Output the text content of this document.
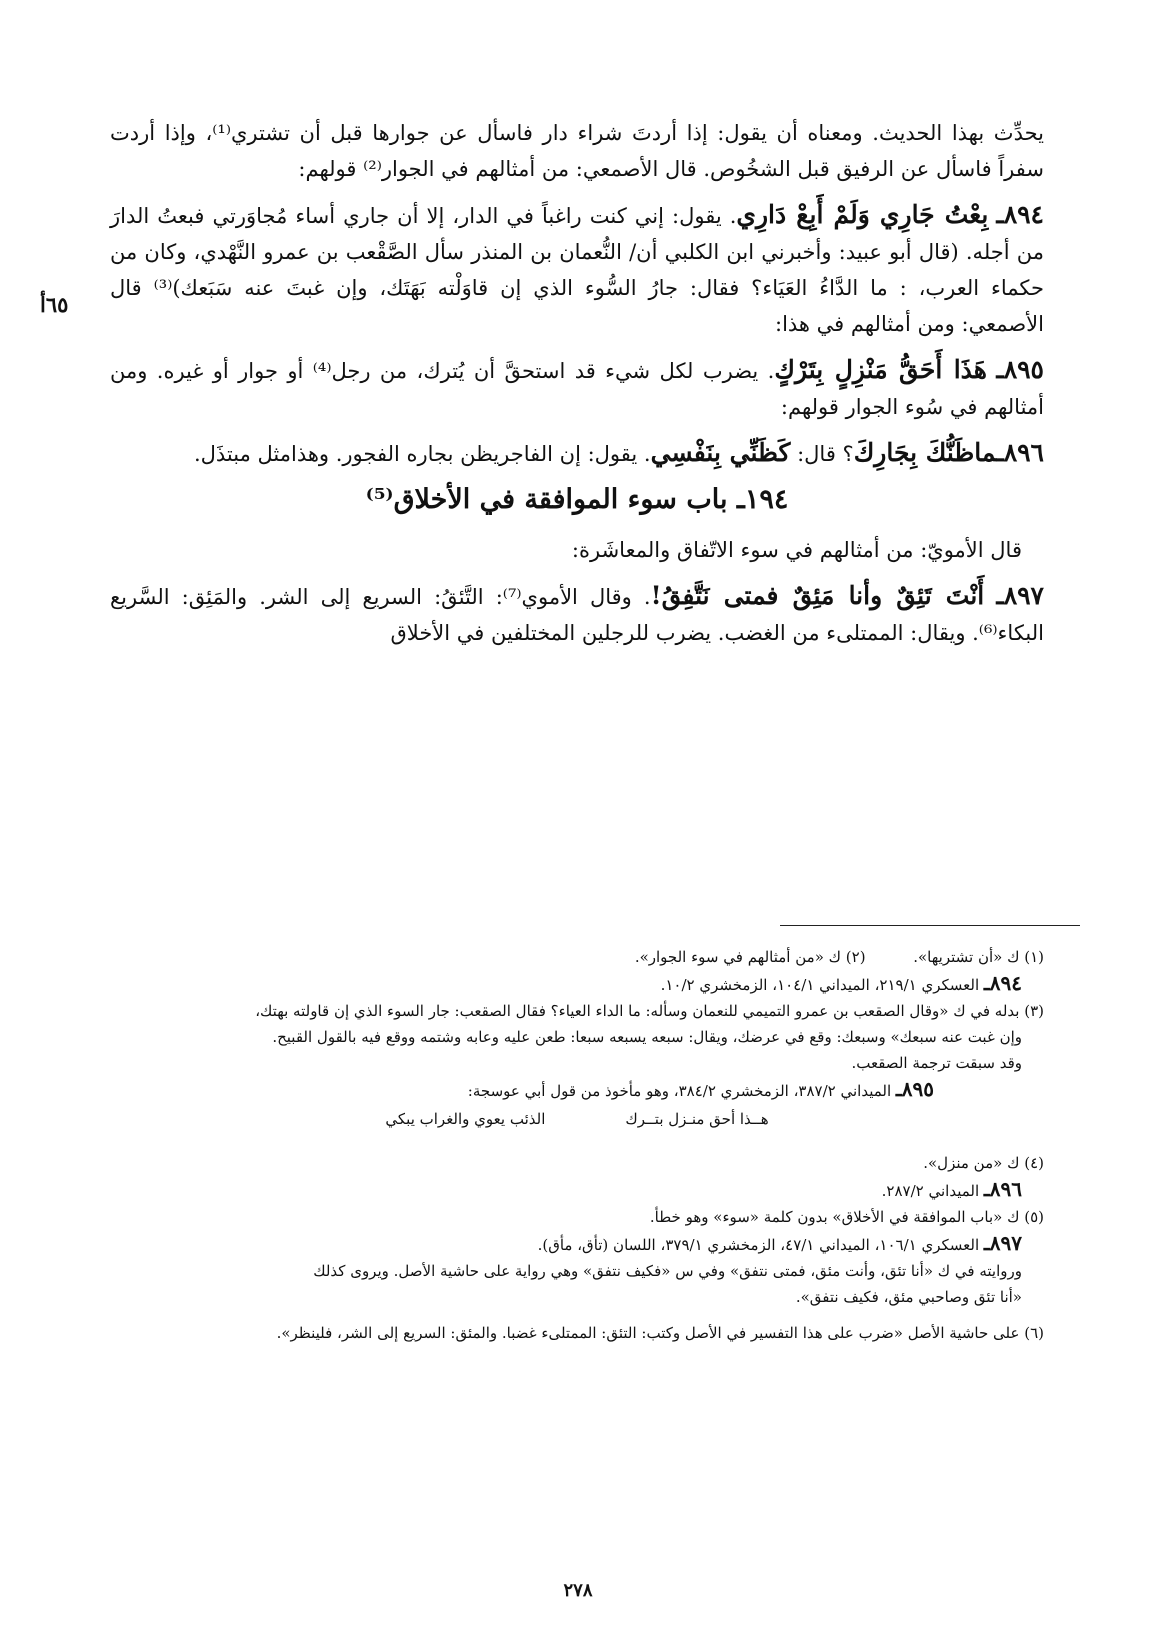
٦٥أ

يحدِّث بهذا الحديث. ومعناه أن يقول: إذا أردتَ شراء دار فاسأل عن جوارها قبل أن تشتري⁽¹⁾، وإذا أردت سفراً فاسأل عن الرفيق قبل الشخُوص. قال الأصمعي: من أمثالهم في الجوار⁽²⁾ قولهم:

٨٩٤ـ بِعْتُ جَارِي وَلَمْ أَبِعْ دَارِي. يقول: إني كنت راغباً في الدار، إلا أن جاري أساء مُجاوَرتي فبعتُ الدارَ من أجله. (قال أبو عبيد: وأخبرني ابن الكلبي أن/ النُّعمان بن المنذر سأل الصَّقْعب بن عمرو النَّهْدي، وكان من حكماء العرب، : ما الدَّاءُ العَيَاء؟ فقال: جارُ السُّوء الذي إن قاوَلْته بَهَتَك، وإن غبتَ عنه سَبَعك)⁽³⁾ قال الأصمعي: ومن أمثالهم في هذا:

٨٩٥ـ هَذَا أَحَقُّ مَنْزِلٍ بِتَرْكٍ. يضرب لكل شيء قد استحقَّ أن يُترك، من رجل⁽⁴⁾ أو جوار أو غيره. ومن أمثالهم في سُوء الجوار قولهم:

٨٩٦ـماظَنُّكَ بِجَارِكَ؟ قال: كَظَنِّي بِنَفْسِي. يقول: إن الفاجريظن بجاره الفجور. وهذامثل مبتذَل.

١٩٤ـ باب سوء الموافقة في الأخلاق⁽⁵⁾

قال الأمويّ: من أمثالهم في سوء الاتّفاق والمعاشَرة:

٨٩٧ـ أَنْتَ تَئِقٌ وأنا مَئِقٌ فمتى نَتَّفِقُ!. وقال الأموي⁽⁷⁾: التَّئقُ: السريع إلى الشر. والمَئِق: السَّريع البكاء⁽⁶⁾. ويقال: الممتلىء من الغضب. يضرب للرجلين المختلفين في الأخلاق

(١) ك «أن تشتريها».          (٢) ك «من أمثالهم في سوء الجوار».

٨٩٤ـ العسكري ٢١٩/١، الميداني ١٠٤/١، الزمخشري ١٠/٢.

(٣) بدله في ك «وقال الصقعب بن عمرو التميمي للنعمان وسأله: ما الداء العياء؟ فقال الصقعب: جار السوء الذي إن قاولته بهتك،

وإن غبت عنه سبعك» وسبعك: وقع في عرضك، ويقال: سبعه يسبعه سبعا: طعن عليه وعابه وشتمه ووقع فيه بالقول القبيح.

وقد سبقت ترجمة الصقعب.

٨٩٥ـ الميداني ٣٨٧/٢، الزمخشري ٣٨٤/٢، وهو مأخوذ من قول أبي عوسجة:

هــذا أحق منـزل بتــرك
الذئب يعوي والغراب يبكي

(٤) ك «من منزل».

٨٩٦ـ الميداني ٢٨٧/٢.

(٥) ك «باب الموافقة في الأخلاق» بدون كلمة «سوء» وهو خطأ.

٨٩٧ـ العسكري ١٠٦/١، الميداني ٤٧/١، الزمخشري ٣٧٩/١، اللسان (تأق، مأق).

وروايته في ك «أنا تئق، وأنت مئق، فمتى نتفق» وفي س «فكيف نتفق» وهي رواية على حاشية الأصل. ويروى كذلك

«أنا تئق وصاحبي مئق، فكيف نتفق».

(٦) على حاشية الأصل «ضرب على هذا التفسير في الأصل وكتب: التئق: الممتلىء غضبا. والمئق: السريع إلى الشر، فلينظر».

٢٧٨
